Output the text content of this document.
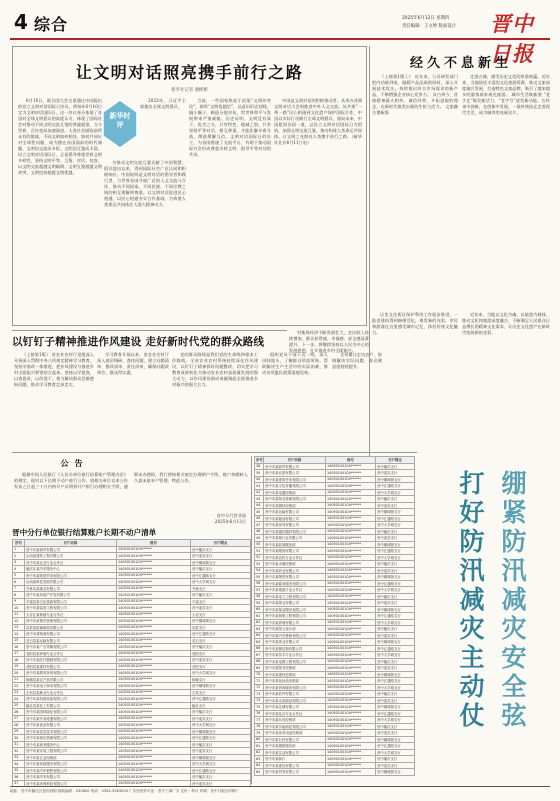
4 综合	2025年6月12日 星期四
责任编辑：王文婷 版面设计 晋中日报
让文明对话照亮携手前行之路
新华社记者 谢彬彬
新华时评

6月10日，联合国大会全票通过中国提出的设立文明对话国际日决议，将每年6月10日定为文明对话国际日。这一决议充分体现了各国对全球文明倡议的高度认可，体现了国际社会对推动不同文明交流互鉴的普遍愿望。当今世界，百年变局加速演进，人类社会面临前所未有的挑战。不同文明如何相处、如何共同应对全球性问题，成为摆在各国面前的时代课题。文明因交流而多彩，文明因互鉴而丰富。设立文明对话国际日，正是倡导尊重世界文明多样性，坚持文明平等、互鉴、对话、包容，以文明交流超越文明隔阂、文明互鉴超越文明冲突、文明包容超越文明优越。

2023年，习近平主席提出全球文明倡议，

为推动文明交流互鉴贡献了中国智慧。倡议提出以来，得到国际社会广泛认同和积极响应。中国始终是文明对话的倡导者和践行者，与世界各国开展广泛的人文交流与合作，推动不同国家、不同民族、不同宗教之间的相互理解和尊重。以文明对话促进民心相通，以民心相通夯实合作基础，为构建人类命运共同体注入强大精神动力。

当前，一些国家热衷于渲染“文明冲突论”，鼓吹“文明优越论”，以意识形态划线，搞小圈子，制造分裂对抗，给世界和平与发展带来严重威胁。历史证明，文明没有高下、优劣之分，只有特色、地域之别。只有坚持平等对话、相互尊重，才能化解矛盾分歧，增进理解互信。文明对话国际日的设立，为各国搭建了交流平台，有助于推动国际社会形成尊重多样文明、倡导平等对话的共识。

中国是文明对话的积极推动者。从举办亚洲文明对话大会到推进中外人文交流，从共建“一带一路”民心相通到文化遗产保护国际合作，中国以实际行动践行全球文明倡议。面向未来，中国愿同各国一道，以设立文明对话国际日为契机，加强文明交流互鉴，推动构建人类命运共同体，让文明之光照亮人类携手前行之路。（新华社北京6月11日电）

以钉钉子精神推进作风建设 走好新时代党的群众路线

（上接第1版） 省农业农村厅党组深入开展深入贯彻中央八项规定精神学习教育，坚持学查改一体推进，把作风建设与推进乡村全面振兴紧密结合起来。坚持以学促查，以查促改，以改促干，着力解决群众急难愁盼问题，推动学习教育走深走实。

学习教育开展以来，省农业农村厅深入基层调研，查找问题，建立问题清单、整改清单、责任清单，确保问题改到位、群众得实惠。

党的群众路线是我们党的生命线和根本工作路线。全省农业农村系统持续深化作风建设，以钉钉子精神抓好问题整改，切实把学习教育成果转化为推动农业农村高质量发展的强大动力，以作风建设新成效凝聚起全面推进乡村振兴的强大合力。

组织党员干部下沉一线，深入田间地头，了解群众所思所盼，帮助解决生产生活中的实际困难，推动各项惠民政策落地见效。

全省累计走访农户，协调解决实际问题，群众满意度持续提升。

村集体经济不断发展壮大，农民收入持续增加，群众获得感、幸福感、安全感显著提升。下一步，将继续坚持以人民为中心的发展思想，扎实推进乡村全面振兴。

经久不息新生

（上接第1版①） 近年来，公司研发部门把内功练到家，做精产品品质的同时，深入开展技术攻关，持续推出符合市场需求的新产品，不断增强企业核心竞争力。 从古到今，晋商精神薪火相传。诚信经营、开拓进取的理念，在新时代焕发出新的生机与活力。 文旅融合谱新篇

走进古城，感受历史文化的厚重底蕴。近年来，当地依托丰富的文化旅游资源，推动文旅深度融合发展，打造特色文旅品牌，吸引了越来越多的游客前来观光旅游。 城市生活焕新貌 “老手艺”焕发新活力，“老字号”迸发新动能。在传承中创新，在创新中发展，一批传统技艺走进现代生活，成为城市的亮丽名片。

历史文化街区保护利用工作稳步推进，一批老建筑得到修缮活化，焕发新的光彩。市民和游客在这里感受城市记忆，体验传统文化魅力。

近年来，当地以文化为魂、以旅游为载体，推动文化和旅游深度融合，不断满足人民群众日益增长的精神文化需求，让历史文化遗产在新时代绽放新的光彩。

公告

根据中国人民银行《人民币单位银行结算账户管理办法》的规定，现对以下长期不动户进行公告。请相关单位自本公告发布之日起三十日内持开户证明到开户银行办理相关手续，逾期未办理的，我行将按相关规定办理销户手续，账户余额转入久悬未取专户管理。特此公告。

晋中分行营业部
2025年6月12日
晋中分行单位银行结算账户长期不动户清单
序号	开户名称	账号	开户网点
1	晋中市某商贸有限公司	14050100104******	晋中榆次支行
2	山西某建筑工程有限公司	14050100104******	晋中迎宾支行
3	晋中市某农业专业合作社	14050100104******	晋中顺城街支行
4	榆次区某汽车服务中心	14050100104******	晋中榆次支行
5	晋中市某物资贸易有限公司	14050100104******	晋中汇通路支行
6	山西某科技发展有限公司	14050100104******	晋中大学城支行
7	介休市某煤业有限公司	14050100104******	介休支行
8	晋中市某房地产开发有限公司	14050100104******	晋中榆次支行
9	平遥县某文化旅游有限公司	14050100104******	平遥支行
10	晋中市某装饰工程有限公司	14050100104******	晋中迎宾支行
11	太谷区某种植专业合作社	14050100104******	太谷支行
12	晋中市某餐饮管理有限公司	14050100104******	晋中顺城街支行
13	祁县某玻璃制品有限公司	14050100104******	祁县支行
14	晋中市某物流有限公司	14050100104******	晋中汇通路支行
15	灵石县某运输有限公司	14050100104******	灵石支行
16	晋中市某广告传媒有限公司	14050100104******	晋中榆次支行
17	寿阳县某养殖专业合作社	14050100104******	寿阳支行
18	晋中市某医疗器械有限公司	14050100104******	晋中迎宾支行
19	昔阳县某建材有限公司	14050100104******	昔阳支行
20	晋中市某教育咨询有限公司	14050100104******	晋中大学城支行
21	和顺县某农产品有限公司	14050100104******	和顺支行
22	晋中市某电子商务有限公司	14050100104******	晋中顺城街支行
23	左权县某林业专业合作社	14050100104******	左权支行
24	晋中市某机械设备有限公司	14050100104******	晋中汇通路支行
25	榆社县某化工有限公司	14050100104******	榆社支行
26	晋中市某园林绿化有限公司	14050100104******	晋中榆次支行
27	晋中市某劳务派遣有限公司	14050100104******	晋中迎宾支行
28	晋中市某食品有限公司	14050100104******	晋中大学城支行
29	晋中市某信息技术有限公司	14050100104******	晋中顺城街支行
30	晋中市某酒店管理有限公司	14050100104******	晋中汇通路支行
31	晋中市某商务服务中心	14050100104******	晋中榆次支行
32	晋中市某安装工程有限公司	14050100104******	晋中迎宾支行
33	晋中市某五金经销部	14050100104******	晋中顺城街支行
34	晋中市某家政服务有限公司	14050100104******	晋中大学城支行
35	晋中市某汽车销售有限公司	14050100104******	晋中汇通路支行
36	晋中市某印务有限公司	14050100104******	晋中榆次支行
37	晋中市某环保科技有限公司	14050100104******	晋中迎宾支行
序号	开户名称	账号	开户网点
38	晋中市某商贸有限公司	14050100104******	晋中榆次支行
39	晋中市某农资有限公司	14050100104******	晋中迎宾支行
40	晋中市某建筑劳务有限公司	14050100104******	晋中顺城街支行
41	晋中市某文化传播有限公司	14050100104******	晋中汇通路支行
42	晋中市某电器经销部	14050100104******	晋中大学城支行
43	晋中市某物业管理有限公司	14050100104******	晋中榆次支行
44	晋中市某钢材经销部	14050100104******	晋中迎宾支行
45	晋中市某运输有限公司	14050100104******	晋中顺城街支行
46	晋中市某粮油有限公司	14050100104******	晋中汇通路支行
47	晋中市某家具有限公司	14050100104******	晋中大学城支行
48	晋中市某通讯器材有限公司	14050100104******	晋中榆次支行
49	晋中市某旅行社有限公司	14050100104******	晋中迎宾支行
50	晋中市某装卸服务部	14050100104******	晋中顺城街支行
51	晋中市某服饰有限公司	14050100104******	晋中汇通路支行
52	晋中市某农机专业合作社	14050100104******	晋中大学城支行
53	晋中市某水暖经销部	14050100104******	晋中榆次支行
54	晋中市某药业有限公司	14050100104******	晋中迎宾支行
55	晋中市某陶瓷有限公司	14050100104******	晋中顺城街支行
56	晋中市某健身服务有限公司	14050100104******	晋中汇通路支行
57	晋中市某果蔬专业合作社	14050100104******	晋中大学城支行
58	晋中市某电力工程有限公司	14050100104******	晋中榆次支行
59	晋中市某纸业有限公司	14050100104******	晋中迎宾支行
60	晋中市某保洁服务有限公司	14050100104******	晋中顺城街支行
61	晋中市某照明工程有限公司	14050100104******	晋中汇通路支行
62	晋中市某养殖有限公司	14050100104******	晋中大学城支行
63	晋中市某图文设计部	14050100104******	晋中榆次支行
64	晋中市某汽车维修有限公司	14050100104******	晋中迎宾支行
65	晋中市某茶业有限公司	14050100104******	晋中顺城街支行
66	晋中市某钢结构有限公司	14050100104******	晋中汇通路支行
67	晋中市某苗木专业合作社	14050100104******	晋中大学城支行
68	晋中市某电梯工程有限公司	14050100104******	晋中榆次支行
69	晋中市某图书经销部	14050100104******	晋中迎宾支行
70	晋中市某建材经销部	14050100104******	晋中顺城街支行
71	晋中市某化妆品经销部	14050100104******	晋中汇通路支行
72	晋中市某咨询服务有限公司	14050100104******	晋中大学城支行
73	晋中市某软件有限公司	14050100104******	晋中榆次支行
74	晋中市某水泥制品有限公司	14050100104******	晋中迎宾支行
75	晋中市某仓储有限公司	14050100104******	晋中顺城街支行
76	晋中市某花卉专业合作社	14050100104******	晋中汇通路支行
77	晋中市某玩具经销部	14050100104******	晋中大学城支行
78	晋中市某节能科技有限公司	14050100104******	晋中榆次支行
79	晋中市某体育用品经销部	14050100104******	晋中迎宾支行
80	晋中市某石材有限公司	14050100104******	晋中顺城街支行
81	晋中市某摄影服务部	14050100104******	晋中汇通路支行
82	晋中市某实业有限公司	14050100104******	晋中大学城支行
83	晋中市某商行	14050100104******	晋中榆次支行
84	晋中市某建设有限公司	14050100104******	晋中迎宾支行
85	晋中市某贸易有限公司	14050100104******	晋中顺城街支行
绷紧防汛减灾安全弦
打好防汛减灾主动仗
地址：晋中市榆次区迎宾西街 邮政编码：030600 电话：0354-3283000 广告经营许可证：晋中工商广字 定价：每月 印刷：晋中日报社印刷厂
